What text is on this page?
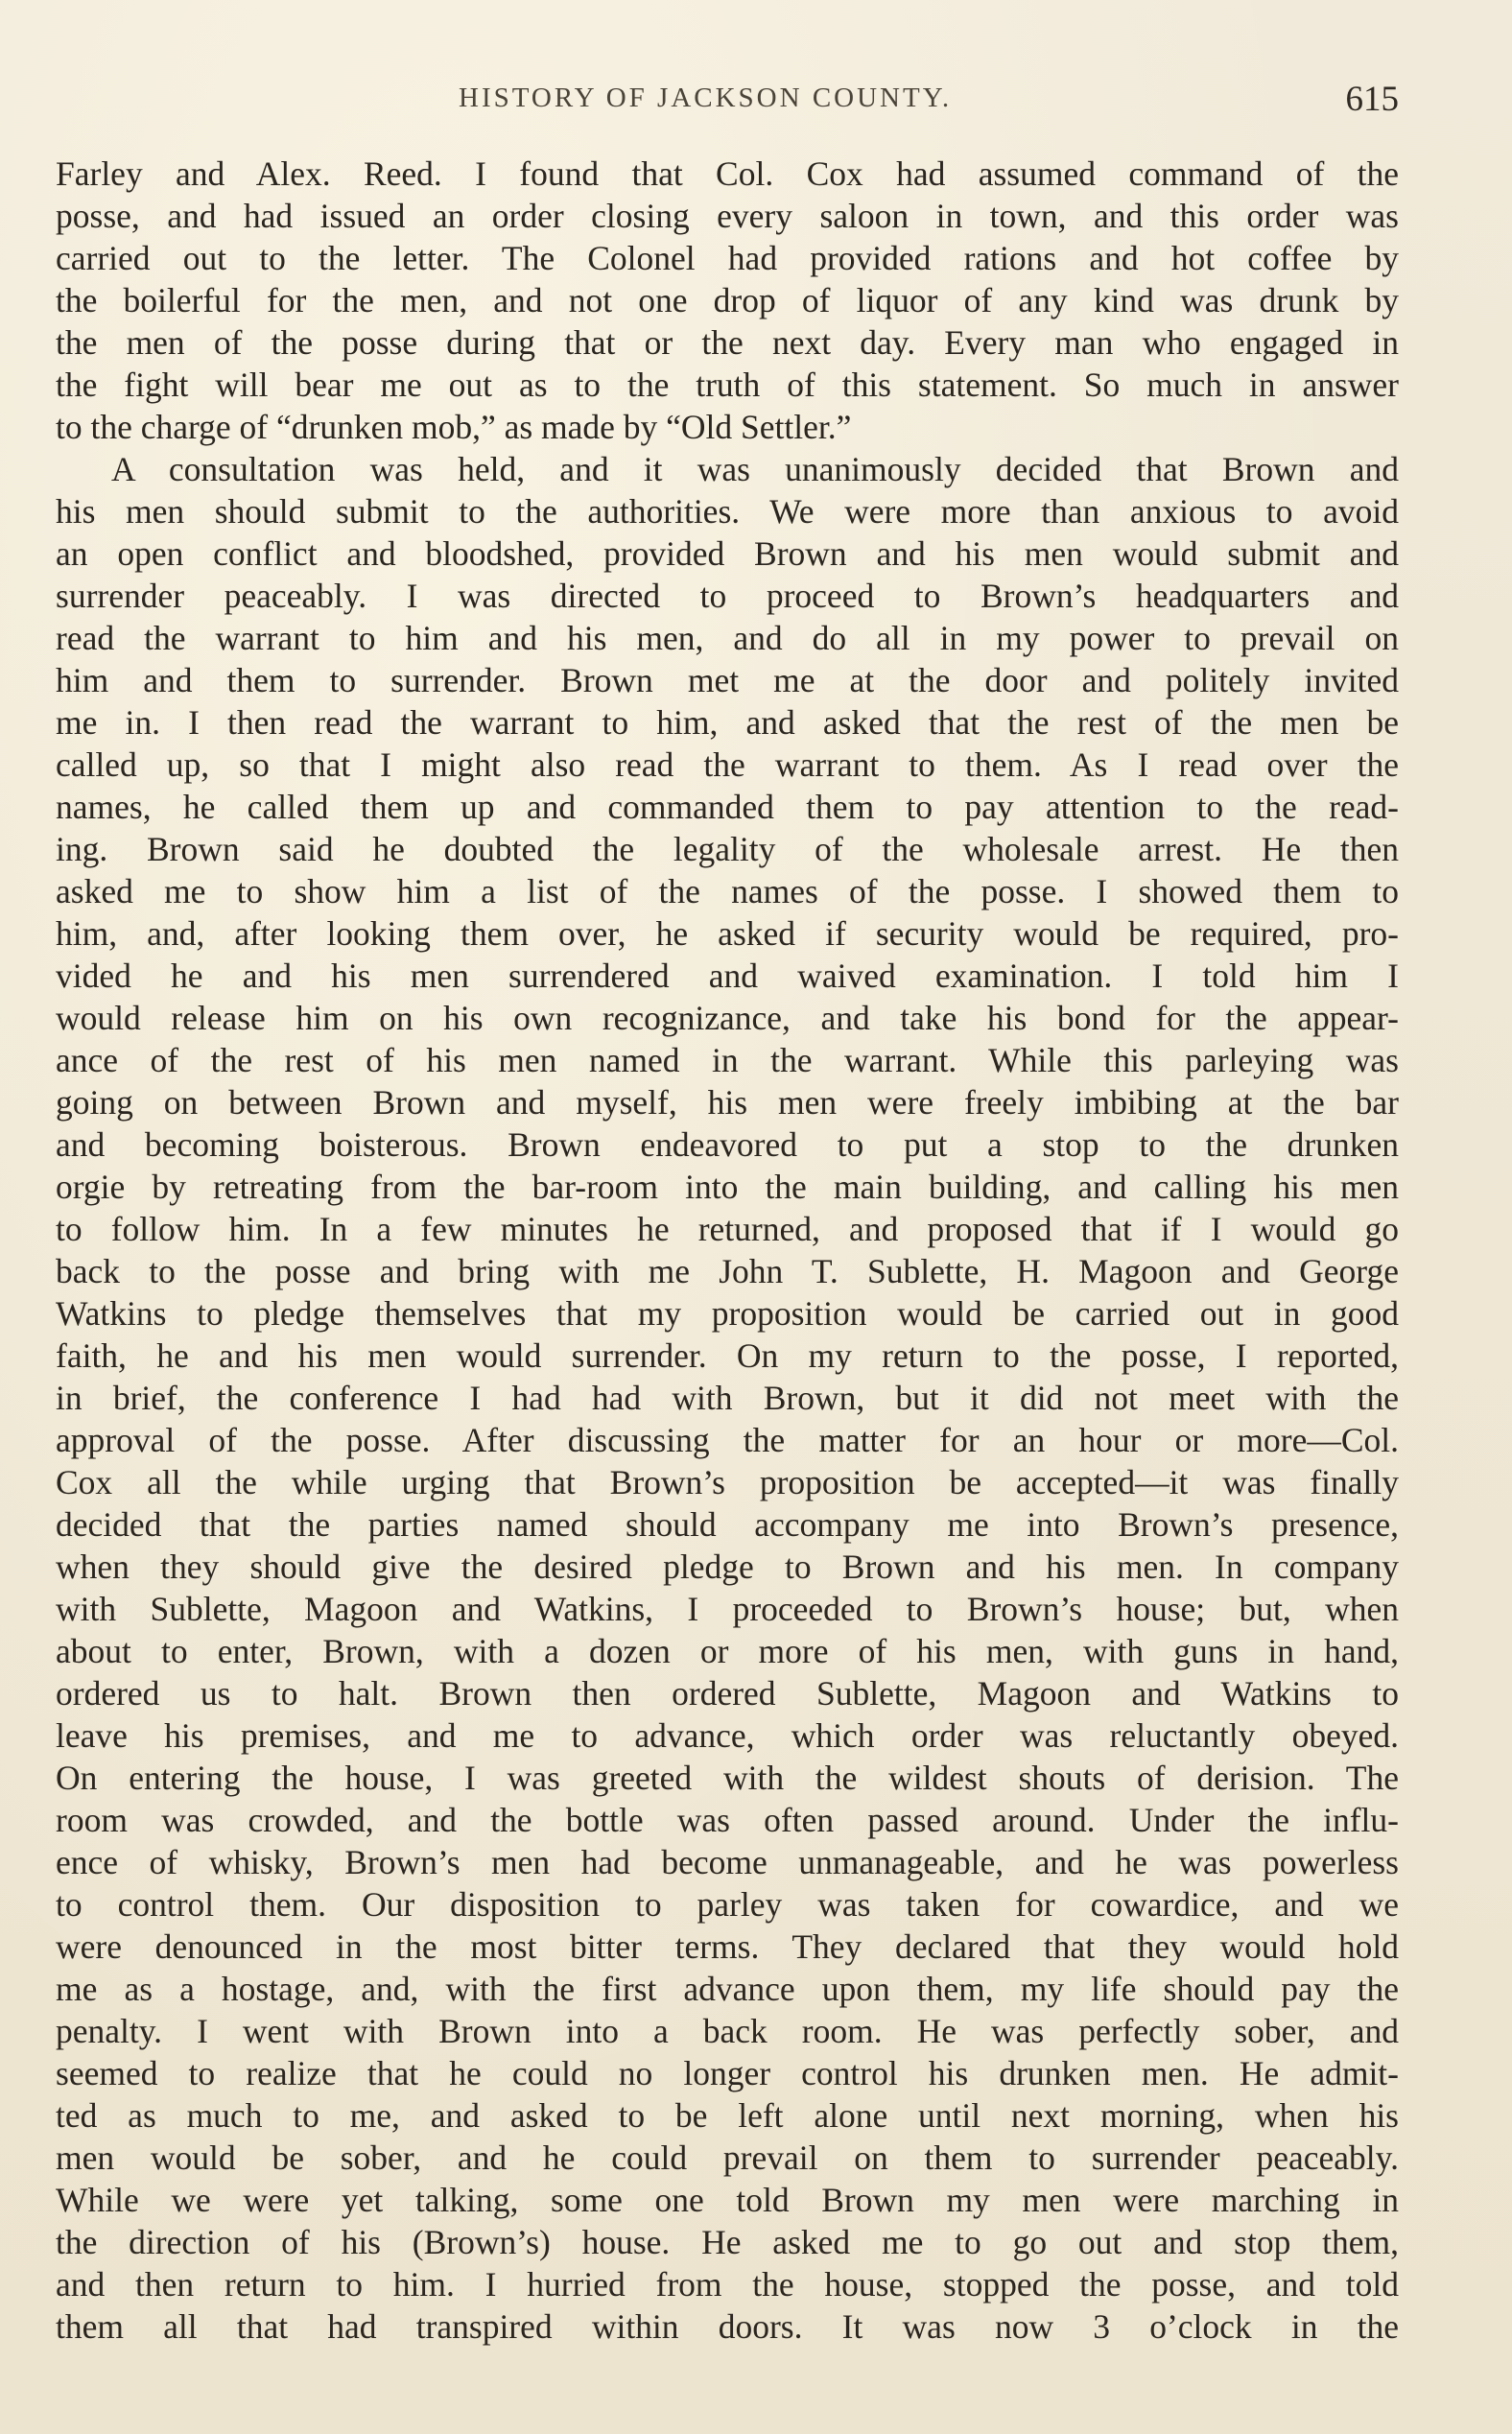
HISTORY OF JACKSON COUNTY.	615
Farley and Alex. Reed. I found that Col. Cox had assumed command of the
posse, and had issued an order closing every saloon in town, and this order was
carried out to the letter. The Colonel had provided rations and hot coffee by
the boilerful for the men, and not one drop of liquor of any kind was drunk by
the men of the posse during that or the next day. Every man who engaged in
the fight will bear me out as to the truth of this statement. So much in answer
to the charge of “drunken mob,” as made by “Old Settler.”
A consultation was held, and it was unanimously decided that Brown and
his men should submit to the authorities. We were more than anxious to avoid
an open conflict and bloodshed, provided Brown and his men would submit and
surrender peaceably. I was directed to proceed to Brown’s headquarters and
read the warrant to him and his men, and do all in my power to prevail on
him and them to surrender. Brown met me at the door and politely invited
me in. I then read the warrant to him, and asked that the rest of the men be
called up, so that I might also read the warrant to them. As I read over the
names, he called them up and commanded them to pay attention to the read-
ing. Brown said he doubted the legality of the wholesale arrest. He then
asked me to show him a list of the names of the posse. I showed them to
him, and, after looking them over, he asked if security would be required, pro-
vided he and his men surrendered and waived examination. I told him I
would release him on his own recognizance, and take his bond for the appear-
ance of the rest of his men named in the warrant. While this parleying was
going on between Brown and myself, his men were freely imbibing at the bar
and becoming boisterous. Brown endeavored to put a stop to the drunken
orgie by retreating from the bar-room into the main building, and calling his men
to follow him. In a few minutes he returned, and proposed that if I would go
back to the posse and bring with me John T. Sublette, H. Magoon and George
Watkins to pledge themselves that my proposition would be carried out in good
faith, he and his men would surrender. On my return to the posse, I reported,
in brief, the conference I had had with Brown, but it did not meet with the
approval of the posse. After discussing the matter for an hour or more—Col.
Cox all the while urging that Brown’s proposition be accepted—it was finally
decided that the parties named should accompany me into Brown’s presence,
when they should give the desired pledge to Brown and his men. In company
with Sublette, Magoon and Watkins, I proceeded to Brown’s house; but, when
about to enter, Brown, with a dozen or more of his men, with guns in hand,
ordered us to halt. Brown then ordered Sublette, Magoon and Watkins to
leave his premises, and me to advance, which order was reluctantly obeyed.
On entering the house, I was greeted with the wildest shouts of derision. The
room was crowded, and the bottle was often passed around. Under the influ-
ence of whisky, Brown’s men had become unmanageable, and he was powerless
to control them. Our disposition to parley was taken for cowardice, and we
were denounced in the most bitter terms. They declared that they would hold
me as a hostage, and, with the first advance upon them, my life should pay the
penalty. I went with Brown into a back room. He was perfectly sober, and
seemed to realize that he could no longer control his drunken men. He admit-
ted as much to me, and asked to be left alone until next morning, when his
men would be sober, and he could prevail on them to surrender peaceably.
While we were yet talking, some one told Brown my men were marching in
the direction of his (Brown’s) house. He asked me to go out and stop them,
and then return to him. I hurried from the house, stopped the posse, and told
them all that had transpired within doors. It was now 3 o’clock in the
